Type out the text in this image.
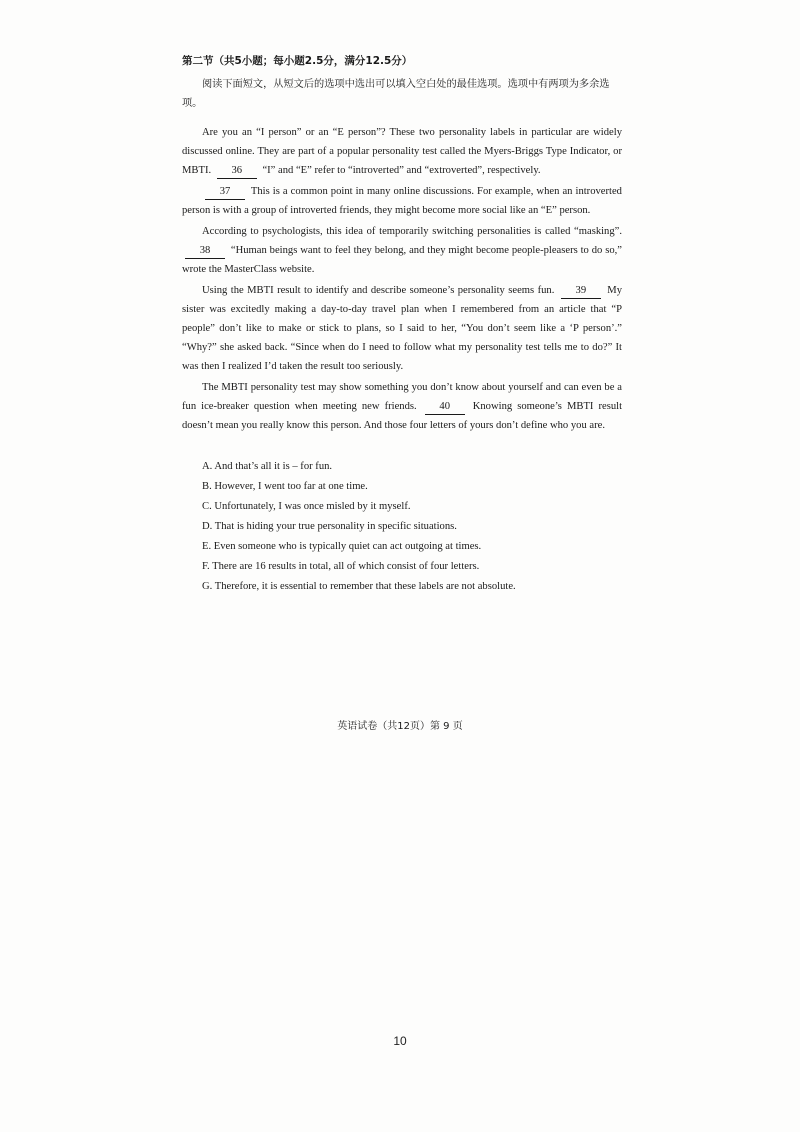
第二节（共5小题；每小题2.5分，满分12.5分）
阅读下面短文，从短文后的选项中选出可以填入空白处的最佳选项。选项中有两项为多余选项。

Are you an “I person” or an “E person”? These two personality labels in particular are widely discussed online. They are part of a popular personality test called the Myers-Briggs Type Indicator, or MBTI. 36 “I” and “E” refer to “introverted” and “extroverted”, respectively.

37 This is a common point in many online discussions. For example, when an introverted person is with a group of introverted friends, they might become more social like an “E” person.

According to psychologists, this idea of temporarily switching personalities is called “masking”. 38 “Human beings want to feel they belong, and they might become people-pleasers to do so,” wrote the MasterClass website.

Using the MBTI result to identify and describe someone’s personality seems fun. 39 My sister was excitedly making a day-to-day travel plan when I remembered from an article that “P people” don’t like to make or stick to plans, so I said to her, “You don’t seem like a ‘P person’.” “Why?” she asked back. “Since when do I need to follow what my personality test tells me to do?” It was then I realized I’d taken the result too seriously.

The MBTI personality test may show something you don’t know about yourself and can even be a fun ice-breaker question when meeting new friends. 40 Knowing someone’s MBTI result doesn’t mean you really know this person. And those four letters of yours don’t define who you are.

A. And that’s all it is – for fun.
B. However, I went too far at one time.
C. Unfortunately, I was once misled by it myself.
D. That is hiding your true personality in specific situations.
E. Even someone who is typically quiet can act outgoing at times.
F. There are 16 results in total, all of which consist of four letters.
G. Therefore, it is essential to remember that these labels are not absolute.
英语试卷（共12页）第 9 页
10
